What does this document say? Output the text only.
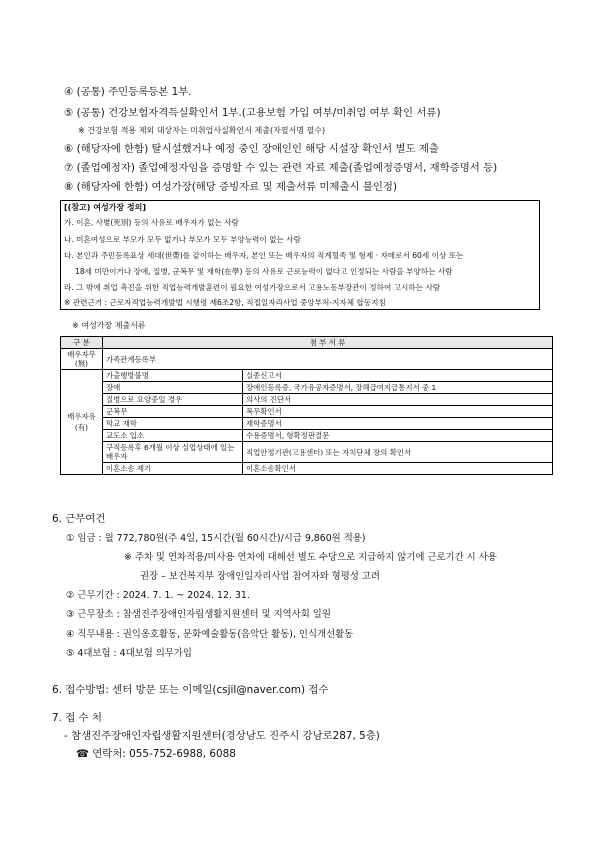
④ (공통) 주민등록등본 1부.
⑤ (공통) 건강보험자격득실확인서 1부.(고용보험 가입 여부/미취업 여부 확인 서류)
※ 건강보험 적용 제외 대상자는 미취업사실확인서 제출(자필서명 필수)
⑥ (해당자에 한함) 탈시설했거나 예정 중인 장애인인 해당 시설장 확인서 별도 제출
⑦ (졸업예정자) 졸업예정자임을 증명할 수 있는 관련 자료 제출(졸업예정증명서, 재학증명서 등)
⑧ (해당자에 한함) 여성가장(해당 증빙자료 및 제출서류 미제출시 불인정)
[(참고) 여성가장 정의]
가. 이혼, 사별(死別) 등의 사유로 배우자가 없는 사람
나. 미혼여성으로 부모가 모두 없거나 부모가 모두 부양능력이 없는 사람
다. 본인과 주민등록표상 세대(世帶)를 같이하는 배우자, 본인 또는 배우자의 직계혈족 및 형제 · 자매로서 60세 이상 또는
18세 미만이거나 장애, 질병, 군복무 및 재학(在學) 등의 사유로 근로능력이 없다고 인정되는 사람을 부양하는 사람
라. 그 밖에 취업 촉진을 위한 직업능력개발훈련이 필요한 여성가장으로서 고용노동부장관이 정하여 고시하는 사람
※ 관련근거 : 근로자직업능력개발법 시행령 제6조2항, 직접일자리사업 중앙부처-지자체 합동지침
※ 여성가장 제출서류
구 분	첨 부 서 류	
배우자무(無)	가족관계등록부	
배우자유(有)	가출행방불명	실종신고서
	장애	장애인등록증, 국가유공자증명서, 장해급여지급통지서 중 1
	질병으로 요양중일 경우	의사의 진단서
	군복무	복무확인서
	학교 재학	재학증명서
	교도소 입소	수용증명서, 형확정판결문
	구직등록후 6개월 이상 실업상태에 있는 배우자	직업안정기관(고용센터) 또는 자치단체 장의 확인서
	이혼소송 제기	이혼소송확인서
6. 근무여건
① 임금 : 월 772,780원(주 4일, 15시간(월 60시간)/시급 9,860원 적용)
※ 주차 및 연차적용/미사용 연차에 대해선 별도 수당으로 지급하지 않기에 근로기간 시 사용
권장 – 보건복지부 장애인일자리사업 참여자와 형평성 고려
② 근무기간 : 2024. 7. 1. ~ 2024. 12. 31.
③ 근무장소 : 참샘진주장애인자립생활지원센터 및 지역사회 일원
④ 직무내용 : 권익옹호활동, 문화예술활동(음악단 활동), 인식개선활동
⑤ 4대보험 : 4대보험 의무가입
6. 접수방법: 센터 방문 또는 이메일(csjil@naver.com) 접수
7. 접 수 처
- 참샘진주장애인자립생활지원센터(경상남도 진주시 강남로287, 5층)
☎ 연락처: 055-752-6988, 6088
